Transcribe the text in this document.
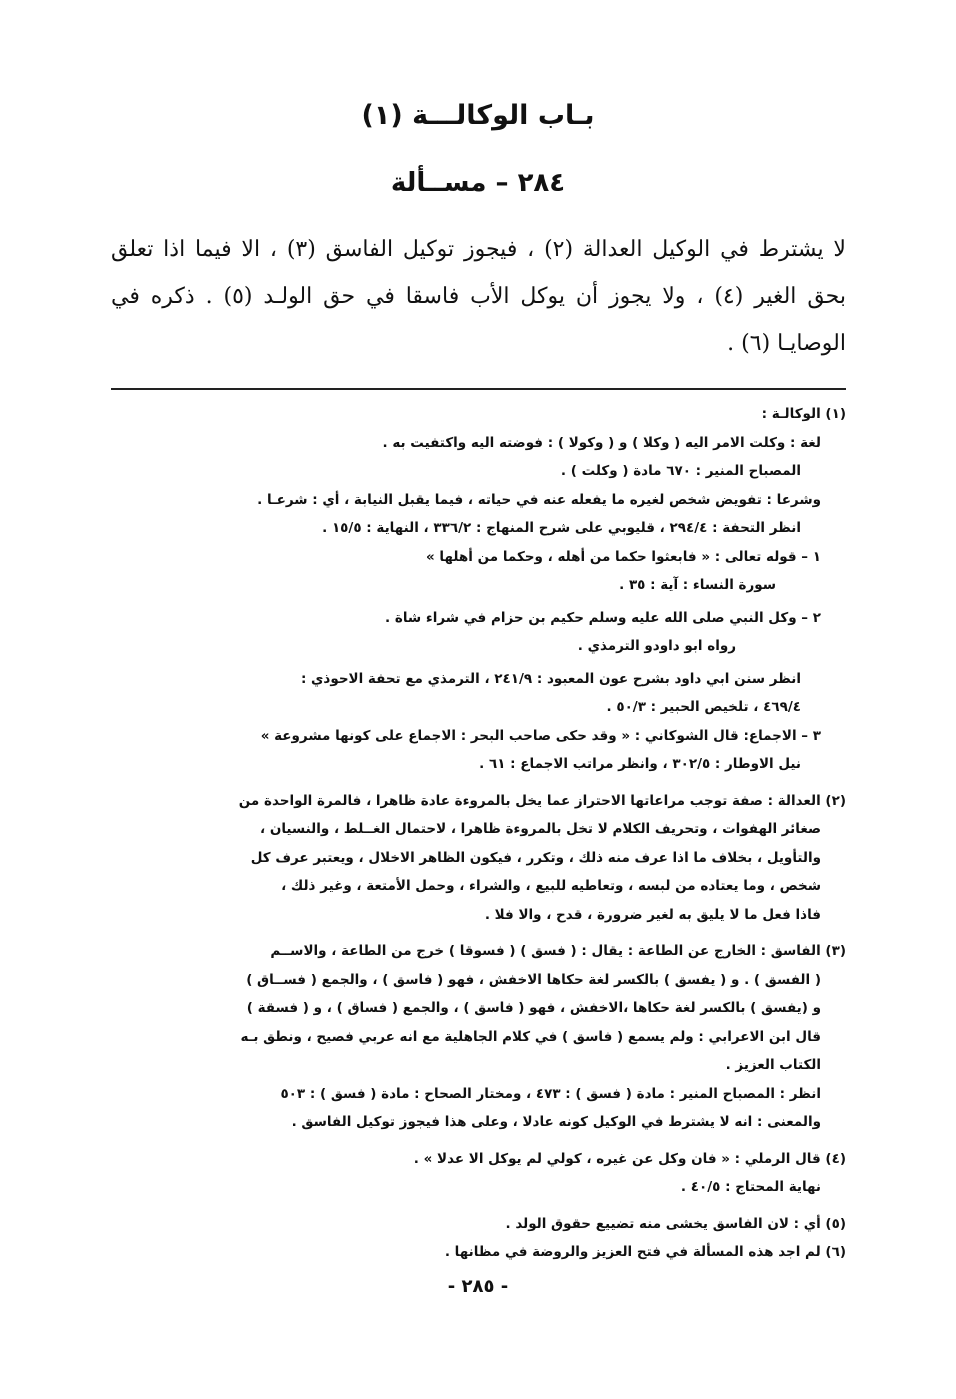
بـاب الوكالـــة (١)
٢٨٤ – مســألة

لا يشترط في الوكيل العدالة (٢) ، فيجوز توكيل الفاسق (٣) ، الا فيما اذا تعلق بحق الغير (٤) ، ولا يجوز أن يوكل الأب فاسقا في حق الولـد (٥) . ذكره في الوصايـا (٦) .

(١) الوكالـة :

لغة : وكلت الامر اليه ( وكلا ) و ( وكولا ) : فوضته اليه واكتفيت به .

المصباح المنير : ٦٧٠ مادة ( وكلت ) .

وشرعا : تفويض شخص لغيره ما يفعله عنه في حياته ، فيما يقبل النيابة ، أي : شرعـا .

انظر التحفة : ٢٩٤/٤ ، قليوبي على شرح المنهاج : ٣٣٦/٢ ، النهاية : ١٥/٥ .

١ – قوله تعالى : « فابعثوا حكما من أهله ، وحكما من أهلها »

سورة النساء : آية : ٣٥ .

٢ – وكل النبي صلى الله عليه وسلم حكيم بن حزام في شراء شاة .

رواه ابو داودو الترمذي .

انظر سنن ابي داود بشرح عون المعبود : ٢٤١/٩ ، الترمذي مع تحفة الاحوذي :

٤٦٩/٤ ، تلخيص الحبير : ٥٠/٣ .

٣ – الاجماع: قال الشوكاني : « وقد حكى صاحب البحر : الاجماع على كونها مشروعة »

نيل الاوطار : ٣٠٢/٥ ، وانظر مراتب الاجماع : ٦١ .

(٢) العدالة : صفة توجب مراعاتها الاحتراز عما يخل بالمروءة عادة ظاهرا ، فالمرة الواحدة من

صغائر الهفوات ، وتحريف الكلام لا تخل بالمروءة ظاهرا ، لاحتمال الغــلط ، والنسيان ،

والتأويل ، بخلاف ما اذا عرف منه ذلك ، وتكرر ، فيكون الظاهر الاخلال ، ويعتبر عرف كل

شخص ، وما يعتاده من لبسه ، وتعاطيه للبيع ، والشراء ، وحمل الأمتعة ، وغير ذلك ،

فاذا فعل ما لا يليق به لغير ضرورة ، قدح ، والا فلا .

(٣) الفاسق : الخارج عن الطاعة : يقال : ( فسق ) ( فسوقا ) خرج من الطاعة ، والاســم

( الفسق ) . و ( يفسق ) بالكسر لغة حكاها الاخفش ، فهو ( فاسق ) ، والجمع ( فســاق )

و (يفسق ) بالكسر لغة حكاها ،الاخفش ، فهو ( فاسق ) ، والجمع ( فساق ) ، و ( فسقة )

قال ابن الاعرابي : ولم يسمع ( فاسق ) في كلام الجاهلية مع انه عربي فصيح ، ونطق بـه

الكتاب العزيز .

انظر : المصباح المنير : مادة ( فسق ) : ٤٧٣ ، ومختار الصحاح : مادة ( فسق ) : ٥٠٣

والمعنى : انه لا يشترط في الوكيل كونه عادلا ، وعلى هذا فيجوز توكيل الفاسق .

(٤) قال الرملي : « فان وكل عن غيره ، كولي لم يوكل الا عدلا » .

نهاية المحتاج : ٤٠/٥ .

(٥) أي : لان الفاسق يخشى منه تضييع حقوق الولد .

(٦) لم اجد هذه المسألة في فتح العزيز والروضة في مظانها .

- ٢٨٥ -
